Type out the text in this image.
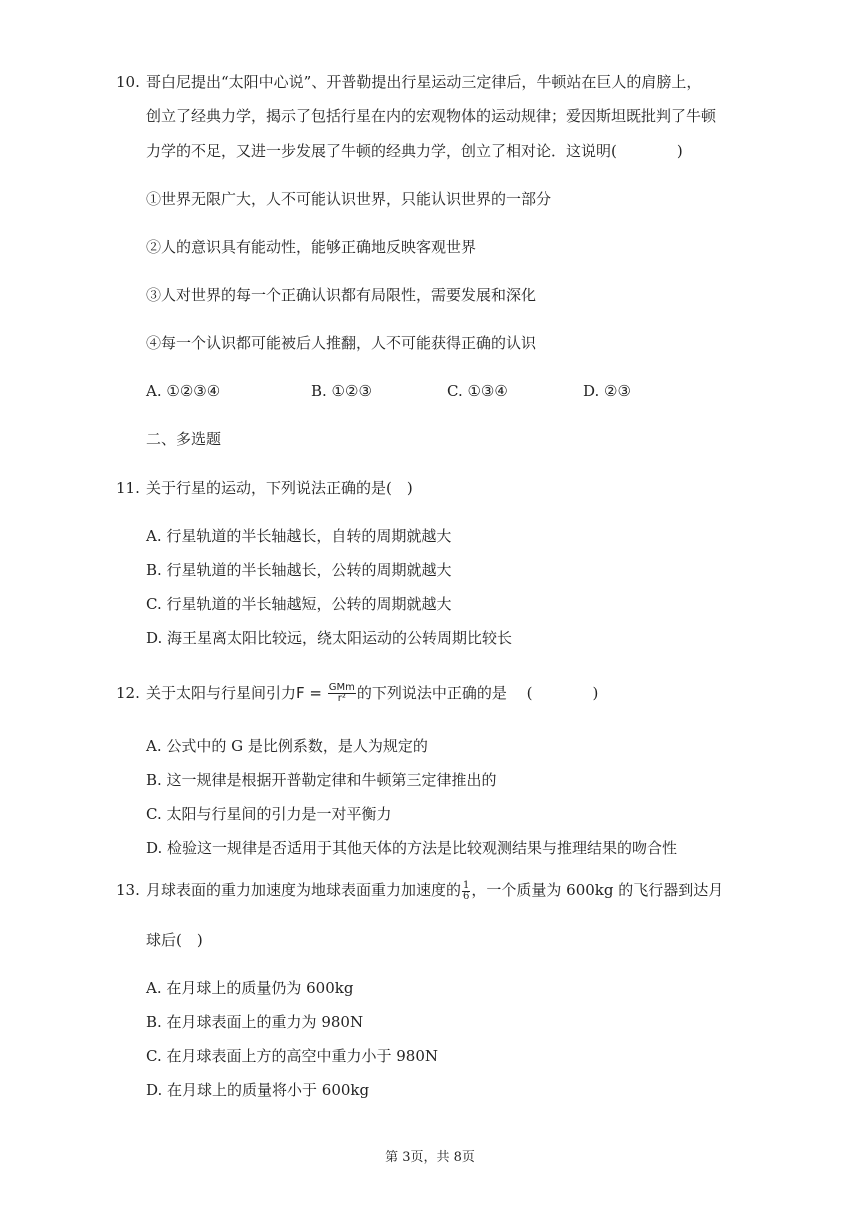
10. 哥白尼提出“太阳中心说”、开普勒提出行星运动三定律后，牛顿站在巨人的肩膀上，
创立了经典力学，揭示了包括行星在内的宏观物体的运动规律；爱因斯坦既批判了牛顿
力学的不足，又进一步发展了牛顿的经典力学，创立了相对论．这说明(　　　　)
①世界无限广大，人不可能认识世界，只能认识世界的一部分
②人的意识具有能动性，能够正确地反映客观世界
③人对世界的每一个正确认识都有局限性，需要发展和深化
④每一个认识都可能被后人推翻，人不可能获得正确的认识
A. ①②③④	B. ①②③	C. ①③④	D. ②③
二、多选题
11. 关于行星的运动，下列说法正确的是(　)
A. 行星轨道的半长轴越长，自转的周期就越大
B. 行星轨道的半长轴越长，公转的周期就越大
C. 行星轨道的半长轴越短，公转的周期就越大
D. 海王星离太阳比较远，绕太阳运动的公转周期比较长
12. 关于太阳与行星间引力$F = \frac{\text{GMm}}{\text{r²}}$ 的下列说法中正确的是　 (　　　　)
A. 公式中的 G 是比例系数，是人为规定的
B. 这一规律是根据开普勒定律和牛顿第三定律推出的
C. 太阳与行星间的引力是一对平衡力
D. 检验这一规律是否适用于其他天体的方法是比较观测结果与推理结果的吻合性
13. 月球表面的重力加速度为地球表面重力加速度的 $\frac{1}{6}$ ，一个质量为 600kg 的飞行器到达月
球后(　)
A. 在月球上的质量仍为 600kg
B. 在月球表面上的重力为 980N
C. 在月球表面上方的高空中重力小于 980N
D. 在月球上的质量将小于 600kg
第 3页，共 8页
